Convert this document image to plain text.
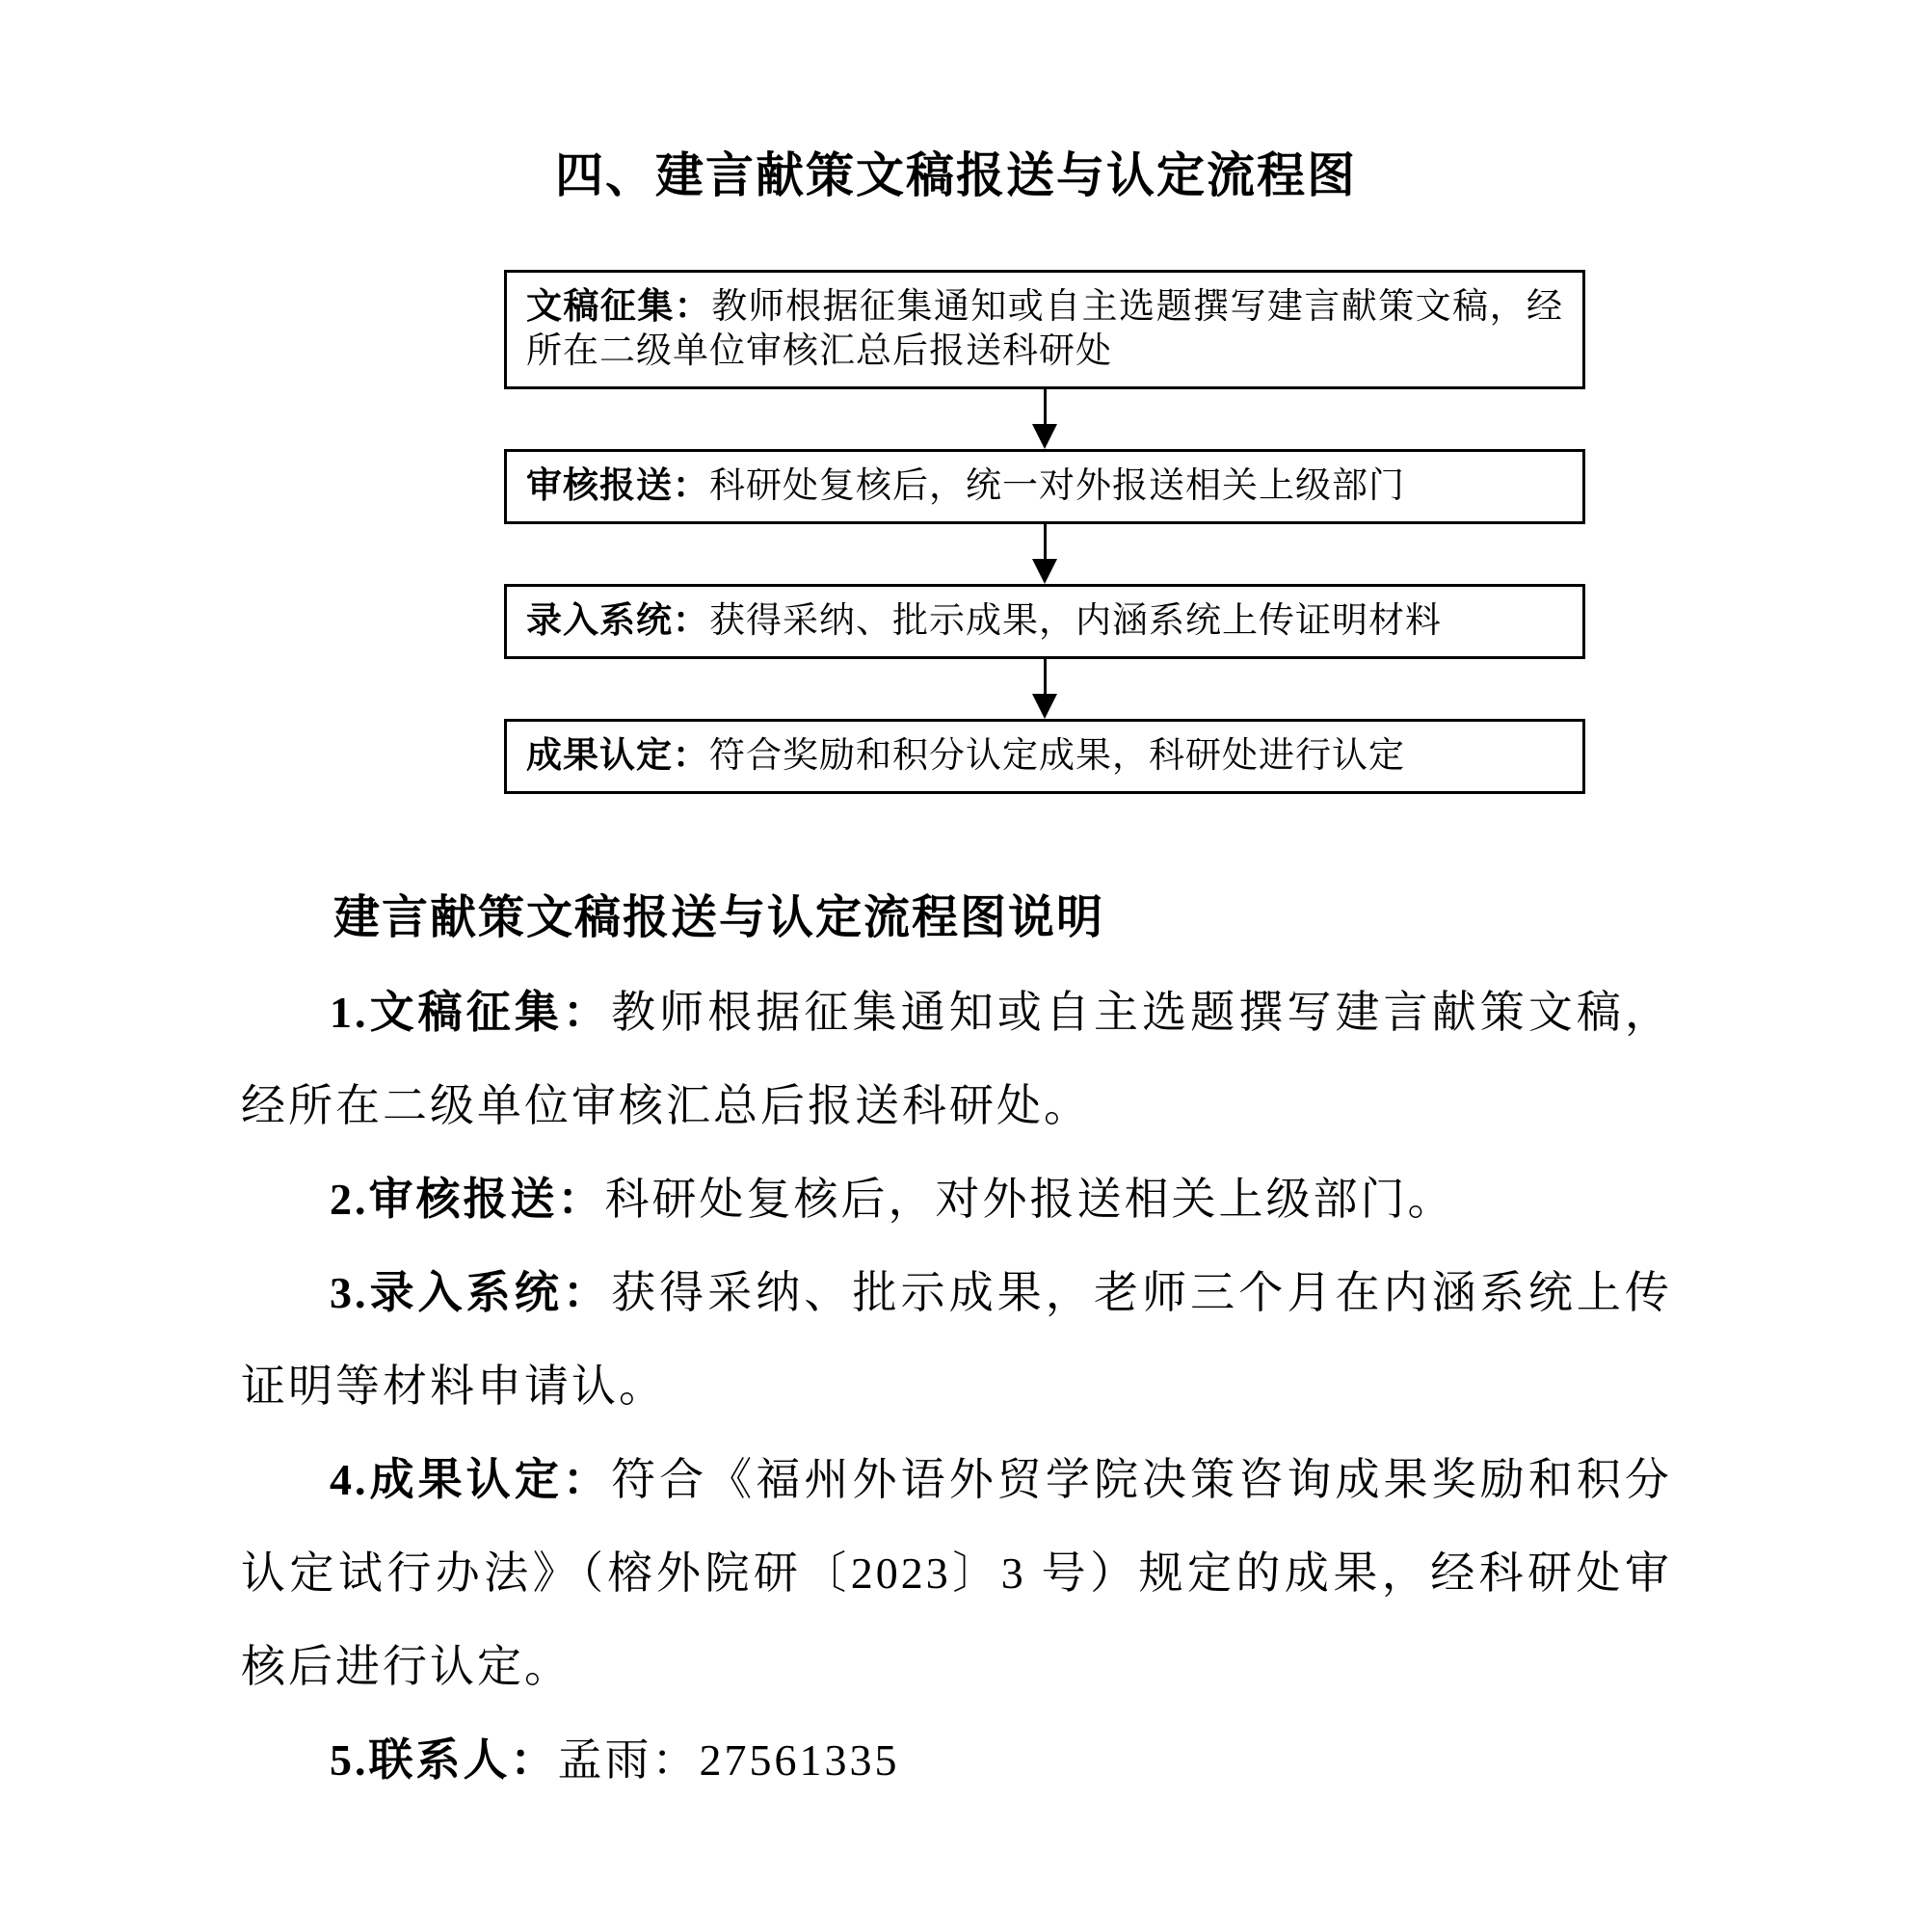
四、建言献策文稿报送与认定流程图
文稿征集：教师根据征集通知或自主选题撰写建言献策文稿，经所在二级单位审核汇总后报送科研处
审核报送：科研处复核后，统一对外报送相关上级部门
录入系统：获得采纳、批示成果，内涵系统上传证明材料
成果认定：符合奖励和积分认定成果，科研处进行认定
建言献策文稿报送与认定流程图说明

1.文稿征集：教师根据征集通知或自主选题撰写建言献策文稿，经所在二级单位审核汇总后报送科研处。

2.审核报送：科研处复核后，对外报送相关上级部门。

3.录入系统：获得采纳、批示成果，老师三个月在内涵系统上传证明等材料申请认。

4.成果认定：符合《福州外语外贸学院决策咨询成果奖励和积分认定试行办法》（榕外院研〔2023〕3 号）规定的成果，经科研处审核后进行认定。

5.联系人：孟雨：27561335
